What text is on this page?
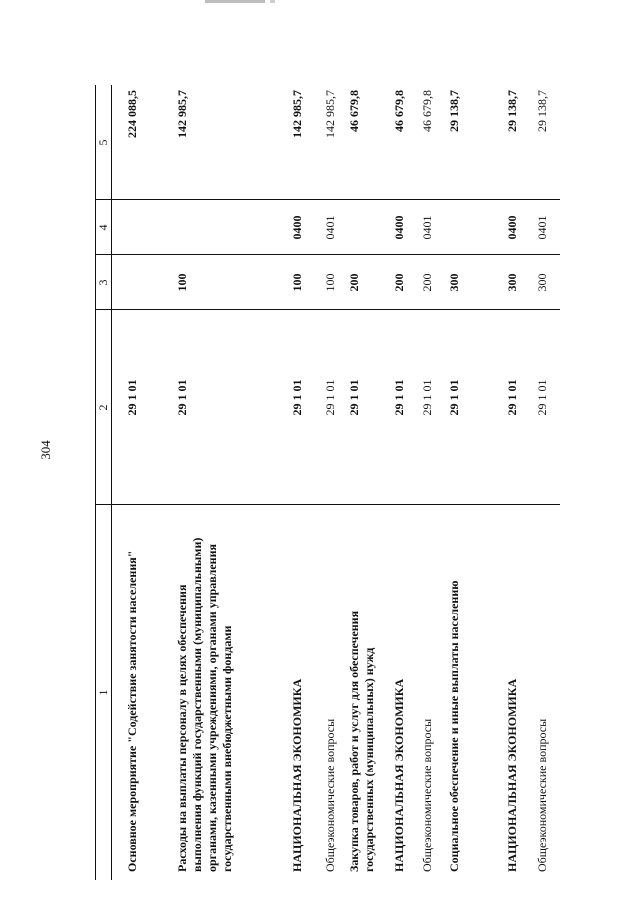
304
1
2
3
4
5
Основное мероприятие "Содействие занятости населения"
29 1 01
224 088,5
Расходы на выплаты персоналу в целях обеспечения выполнения функций государственными (муниципальными) органами, казенными учреждениями, органами управления государственными внебюджетными фондами
29 1 01
100
142 985,7
НАЦИОНАЛЬНАЯ ЭКОНОМИКА
29 1 01
100
0400
142 985,7
Общеэкономические вопросы
29 1 01
100
0401
142 985,7
Закупка товаров, работ и услуг для обеспечения государственных (муниципальных) нужд
29 1 01
200
46 679,8
НАЦИОНАЛЬНАЯ ЭКОНОМИКА
29 1 01
200
0400
46 679,8
Общеэкономические вопросы
29 1 01
200
0401
46 679,8
Социальное обеспечение и иные выплаты населению
29 1 01
300
29 138,7
НАЦИОНАЛЬНАЯ ЭКОНОМИКА
29 1 01
300
0400
29 138,7
Общеэкономические вопросы
29 1 01
300
0401
29 138,7
